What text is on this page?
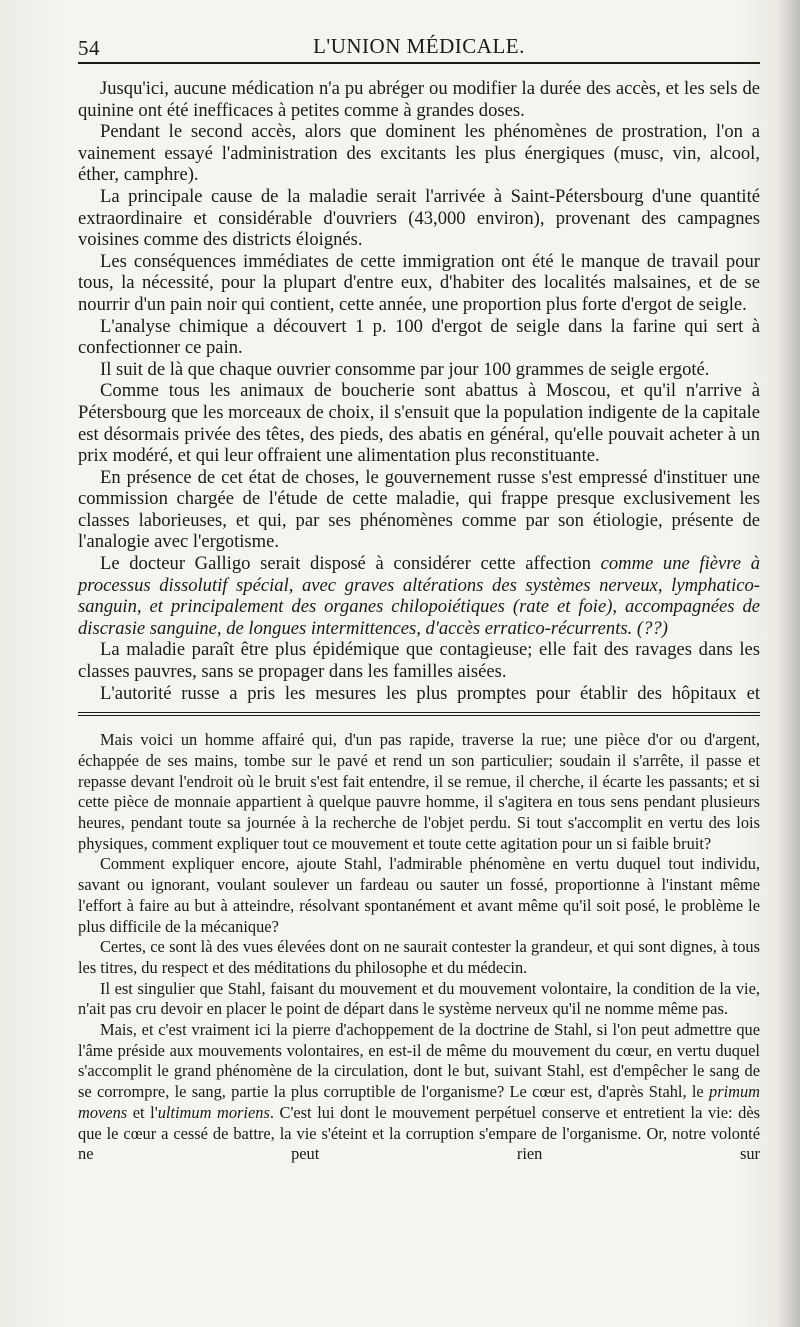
54	L'UNION MÉDICALE.

Jusqu'ici, aucune médication n'a pu abréger ou modifier la durée des accès, et les sels de quinine ont été inefficaces à petites comme à grandes doses.

Pendant le second accès, alors que dominent les phénomènes de prostration, l'on a vainement essayé l'administration des excitants les plus énergiques (musc, vin, alcool, éther, camphre).

La principale cause de la maladie serait l'arrivée à Saint-Pétersbourg d'une quantité extraordinaire et considérable d'ouvriers (43,000 environ), provenant des campagnes voisines comme des districts éloignés.

Les conséquences immédiates de cette immigration ont été le manque de travail pour tous, la nécessité, pour la plupart d'entre eux, d'habiter des localités malsaines, et de se nourrir d'un pain noir qui contient, cette année, une proportion plus forte d'ergot de seigle.

L'analyse chimique a découvert 1 p. 100 d'ergot de seigle dans la farine qui sert à confectionner ce pain.

Il suit de là que chaque ouvrier consomme par jour 100 grammes de seigle ergoté.

Comme tous les animaux de boucherie sont abattus à Moscou, et qu'il n'arrive à Pétersbourg que les morceaux de choix, il s'ensuit que la population indigente de la capitale est désormais privée des têtes, des pieds, des abatis en général, qu'elle pouvait acheter à un prix modéré, et qui leur offraient une alimentation plus reconstituante.

En présence de cet état de choses, le gouvernement russe s'est empressé d'instituer une commission chargée de l'étude de cette maladie, qui frappe presque exclusivement les classes laborieuses, et qui, par ses phénomènes comme par son étiologie, présente de l'analogie avec l'ergotisme.

Le docteur Galligo serait disposé à considérer cette affection comme une fièvre à processus dissolutif spécial, avec graves altérations des systèmes nerveux, lymphatico-sanguin, et principalement des organes chilopoiétiques (rate et foie), accompagnées de discrasie sanguine, de longues intermittences, d'accès erratico-récurrents. (??)

La maladie paraît être plus épidémique que contagieuse; elle fait des ravages dans les classes pauvres, sans se propager dans les familles aisées.

L'autorité russe a pris les mesures les plus promptes pour établir des hôpitaux et

Mais voici un homme affairé qui, d'un pas rapide, traverse la rue; une pièce d'or ou d'argent, échappée de ses mains, tombe sur le pavé et rend un son particulier; soudain il s'arrête, il passe et repasse devant l'endroit où le bruit s'est fait entendre, il se remue, il cherche, il écarte les passants; et si cette pièce de monnaie appartient à quelque pauvre homme, il s'agitera en tous sens pendant plusieurs heures, pendant toute sa journée à la recherche de l'objet perdu. Si tout s'accomplit en vertu des lois physiques, comment expliquer tout ce mouvement et toute cette agitation pour un si faible bruit?

Comment expliquer encore, ajoute Stahl, l'admirable phénomène en vertu duquel tout individu, savant ou ignorant, voulant soulever un fardeau ou sauter un fossé, proportionne à l'instant même l'effort à faire au but à atteindre, résolvant spontanément et avant même qu'il soit posé, le problème le plus difficile de la mécanique?

Certes, ce sont là des vues élevées dont on ne saurait contester la grandeur, et qui sont dignes, à tous les titres, du respect et des méditations du philosophe et du médecin.

Il est singulier que Stahl, faisant du mouvement et du mouvement volontaire, la condition de la vie, n'ait pas cru devoir en placer le point de départ dans le système nerveux qu'il ne nomme même pas.

Mais, et c'est vraiment ici la pierre d'achoppement de la doctrine de Stahl, si l'on peut admettre que l'âme préside aux mouvements volontaires, en est-il de même du mouvement du cœur, en vertu duquel s'accomplit le grand phénomène de la circulation, dont le but, suivant Stahl, est d'empêcher le sang de se corrompre, le sang, partie la plus corruptible de l'organisme? Le cœur est, d'après Stahl, le primum movens et l'ultimum moriens. C'est lui dont le mouvement perpétuel conserve et entretient la vie: dès que le cœur a cessé de battre, la vie s'éteint et la corruption s'empare de l'organisme. Or, notre volonté ne peut rien sur
